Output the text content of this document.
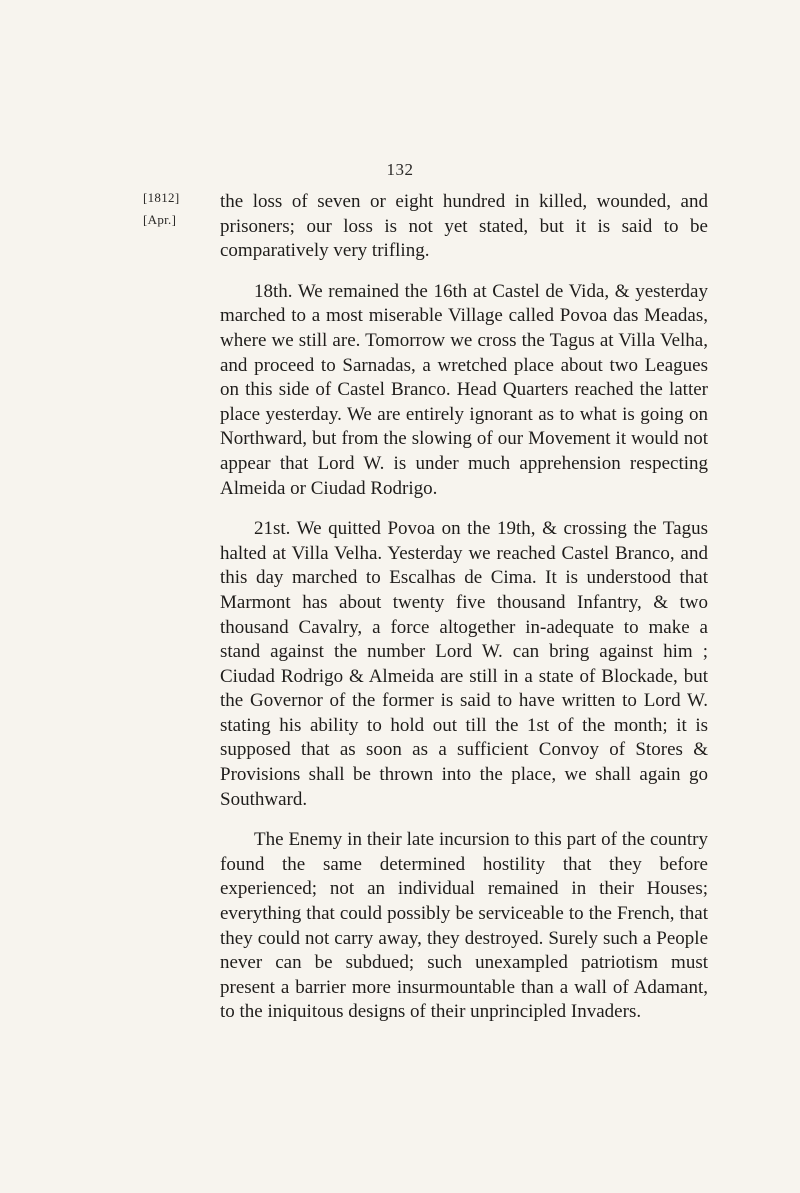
132
[1812]
[Apr.]

the loss of seven or eight hundred in killed, wounded, and prisoners; our loss is not yet stated, but it is said to be comparatively very trifling.

18th. We remained the 16th at Castel de Vida, & yesterday marched to a most miserable Village called Povoa das Meadas, where we still are. Tomorrow we cross the Tagus at Villa Velha, and proceed to Sarnadas, a wretched place about two Leagues on this side of Castel Branco. Head Quarters reached the latter place yesterday. We are entirely ignorant as to what is going on Northward, but from the slowing of our Movement it would not appear that Lord W. is under much apprehension respecting Almeida or Ciudad Rodrigo.

21st. We quitted Povoa on the 19th, & crossing the Tagus halted at Villa Velha. Yesterday we reached Castel Branco, and this day marched to Escalhas de Cima. It is understood that Marmont has about twenty five thousand Infantry, & two thousand Cavalry, a force altogether in-adequate to make a stand against the number Lord W. can bring against him ; Ciudad Rodrigo & Almeida are still in a state of Blockade, but the Governor of the former is said to have written to Lord W. stating his ability to hold out till the 1st of the month; it is supposed that as soon as a sufficient Convoy of Stores & Provisions shall be thrown into the place, we shall again go Southward.

The Enemy in their late incursion to this part of the country found the same determined hostility that they before experienced; not an individual remained in their Houses; everything that could possibly be serviceable to the French, that they could not carry away, they destroyed. Surely such a People never can be subdued; such unexampled patriotism must present a barrier more insurmountable than a wall of Adamant, to the iniquitous designs of their unprincipled Invaders.
